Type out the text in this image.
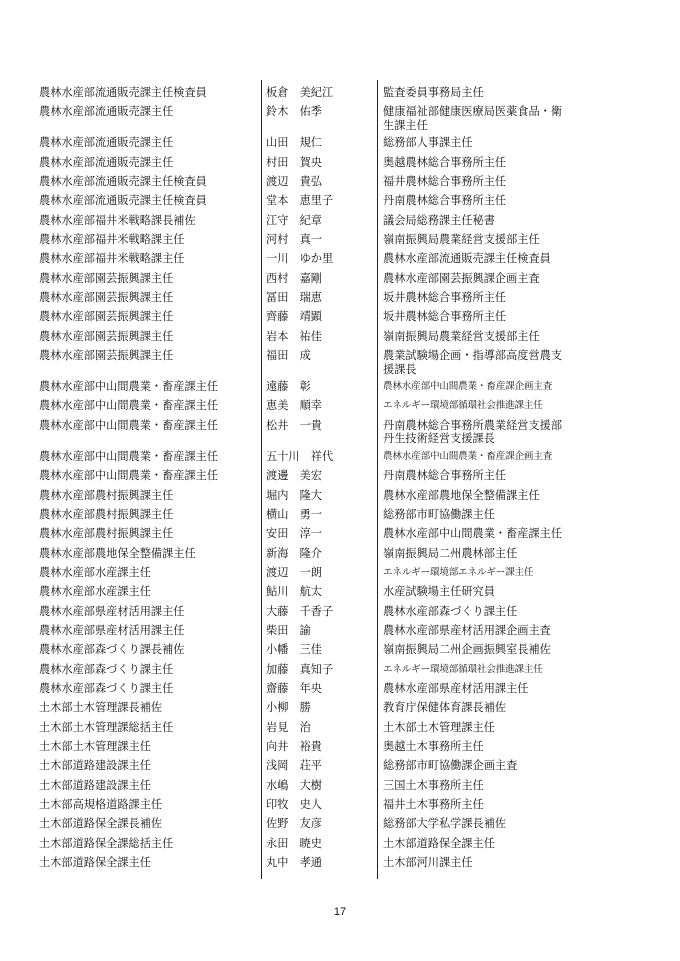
農林水産部流通販売課主任検査員	板倉　美紀江	監査委員事務局主任
農林水産部流通販売課主任	鈴木　佑季	健康福祉部健康医療局医薬食品・衛生課主任
農林水産部流通販売課主任	山田　規仁	総務部人事課主任
農林水産部流通販売課主任	村田　賀央	奥越農林総合事務所主任
農林水産部流通販売課主任検査員	渡辺　貴弘	福井農林総合事務所主任
農林水産部流通販売課主任検査員	堂本　恵里子	丹南農林総合事務所主任
農林水産部福井米戦略課長補佐	江守　紀章	議会局総務課主任秘書
農林水産部福井米戦略課主任	河村　真一	嶺南振興局農業経営支援部主任
農林水産部福井米戦略課主任	一川　ゆか里	農林水産部流通販売課主任検査員
農林水産部園芸振興課主任	西村　嘉剛	農林水産部園芸振興課企画主査
農林水産部園芸振興課主任	冨田　瑞恵	坂井農林総合事務所主任
農林水産部園芸振興課主任	齊藤　靖顕	坂井農林総合事務所主任
農林水産部園芸振興課主任	岩本　祐佳	嶺南振興局農業経営支援部主任
農林水産部園芸振興課主任	福田　成	農業試験場企画・指導部高度営農支援課長
農林水産部中山間農業・畜産課主任	遠藤　彰	農林水産部中山間農業・畜産課企画主査
農林水産部中山間農業・畜産課主任	恵美　順幸	エネルギー環境部循環社会推進課主任
農林水産部中山間農業・畜産課主任	松井　一貴	丹南農林総合事務所農業経営支援部丹生技術経営支援課長
農林水産部中山間農業・畜産課主任	五十川　祥代	農林水産部中山間農業・畜産課企画主査
農林水産部中山間農業・畜産課主任	渡邊　美宏	丹南農林総合事務所主任
農林水産部農村振興課主任	堀内　隆大	農林水産部農地保全整備課主任
農林水産部農村振興課主任	横山　勇一	総務部市町協働課主任
農林水産部農村振興課主任	安田　淳一	農林水産部中山間農業・畜産課主任
農林水産部農地保全整備課主任	新海　隆介	嶺南振興局二州農林部主任
農林水産部水産課主任	渡辺　一朗	エネルギー環境部エネルギー課主任
農林水産部水産課主任	鮎川　航太	水産試験場主任研究員
農林水産部県産材活用課主任	大藤　千香子	農林水産部森づくり課主任
農林水産部県産材活用課主任	柴田　諭	農林水産部県産材活用課企画主査
農林水産部森づくり課長補佐	小幡　三佳	嶺南振興局二州企画振興室長補佐
農林水産部森づくり課主任	加藤　真知子	エネルギー環境部循環社会推進課主任
農林水産部森づくり課主任	齋藤　年央	農林水産部県産材活用課主任
土木部土木管理課長補佐	小柳　勝	教育庁保健体育課長補佐
土木部土木管理課総括主任	岩見　治	土木部土木管理課主任
土木部土木管理課主任	向井　裕貴	奥越土木事務所主任
土木部道路建設課主任	浅岡　荘平	総務部市町協働課企画主査
土木部道路建設課主任	水嶋　大樹	三国土木事務所主任
土木部高規格道路課主任	印牧　史人	福井土木事務所主任
土木部道路保全課長補佐	佐野　友彦	総務部大学私学課長補佐
土木部道路保全課総括主任	永田　暁史	土木部道路保全課主任
土木部道路保全課主任	丸中　孝通	土木部河川課主任
17
